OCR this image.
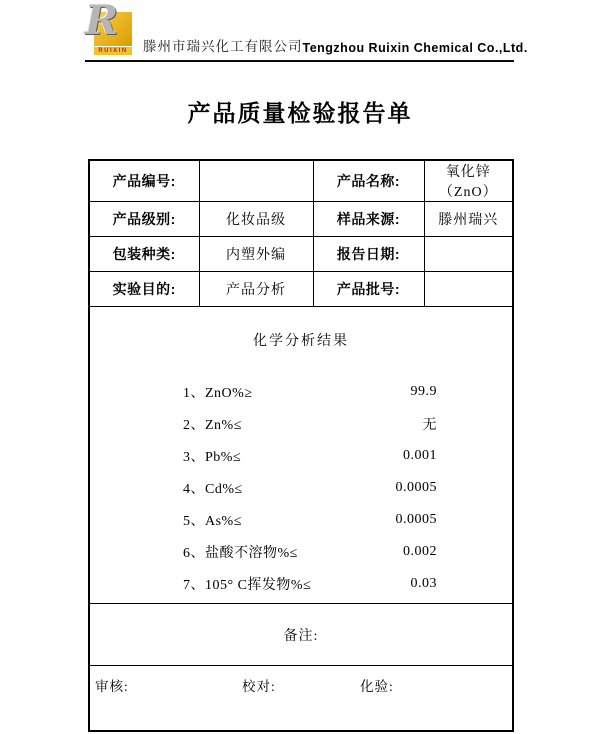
R
RUIXIN	滕州市瑞兴化工有限公司 Tengzhou Ruixin Chemical Co.,Ltd.
产品质量检验报告单
产品编号:		产品名称:	氧化锌（ZnO）
产品级别:	化妆品级	样品来源:	滕州瑞兴
包装种类:	内塑外编	报告日期:	
实验目的:	产品分析	产品批号:	

化学分析结果
1、ZnO%≥	99.9
2、Zn%≤	无
3、Pb%≤	0.001
4、Cd%≤	0.0005
5、As%≤	0.0005
6、盐酸不溶物%≤	0.002
7、105° C挥发物%≤	0.03

备注:			

审核: 校对: 化验:			
